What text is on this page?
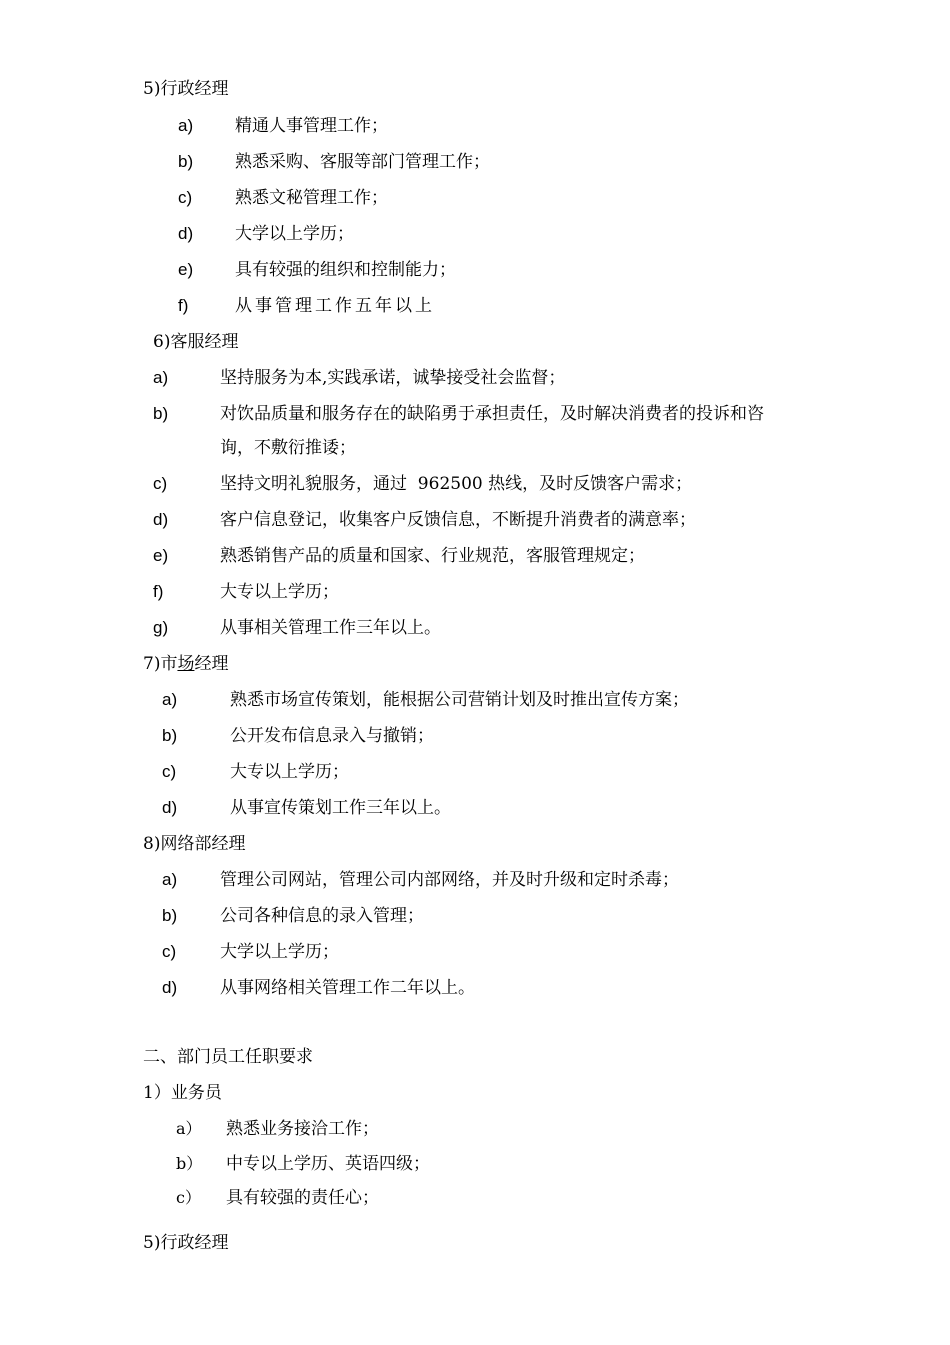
5)行政经理
a) 精通人事管理工作；
b) 熟悉采购、客服等部门管理工作；
c)	熟悉文秘管理工作；
d) 大学以上学历；
e) 具有较强的组织和控制能力；
f)	从事管理工作五年以上
6)客服经理
a)	坚持服务为本,实践承诺，诚挚接受社会监督；
b)	对饮品质量和服务存在的缺陷勇于承担责任，及时解决消费者的投诉和咨
询，不敷衍推诿；
c)	坚持文明礼貌服务，通过  962500 热线，及时反馈客户需求；
d)	客户信息登记，收集客户反馈信息，不断提升消费者的满意率；
e)	熟悉销售产品的质量和国家、行业规范，客服管理规定；
f)	大专以上学历；
g)	从事相关管理工作三年以上。
7)市场经理
a)	熟悉市场宣传策划，能根据公司营销计划及时推出宣传方案；
b)	公开发布信息录入与撤销；
c)	大专以上学历；
d)	从事宣传策划工作三年以上。
8)网络部经理
a)	管理公司网站，管理公司内部网络，并及时升级和定时杀毒；
b)	公司各种信息的录入管理；
c)	大学以上学历；
d)	从事网络相关管理工作二年以上。
二、部门员工任职要求
1）业务员
a） 熟悉业务接洽工作；
b） 中专以上学历、英语四级；
c） 具有较强的责任心；
5)行政经理
